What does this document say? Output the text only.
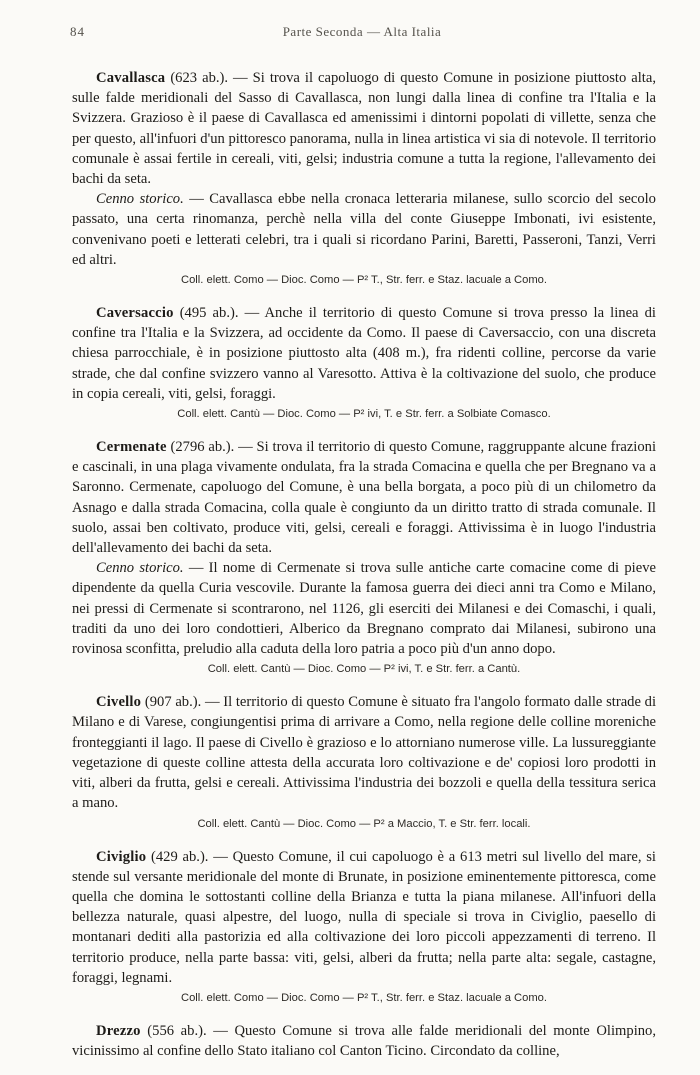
84	Parte Seconda — Alta Italia

Cavallasca (623 ab.). — Si trova il capoluogo di questo Comune in posizione piuttosto alta, sulle falde meridionali del Sasso di Cavallasca, non lungi dalla linea di confine tra l'Italia e la Svizzera. Grazioso è il paese di Cavallasca ed amenissimi i dintorni popolati di villette, senza che per questo, all'infuori d'un pittoresco panorama, nulla in linea artistica vi sia di notevole. Il territorio comunale è assai fertile in cereali, viti, gelsi; industria comune a tutta la regione, l'allevamento dei bachi da seta.

Cenno storico. — Cavallasca ebbe nella cronaca letteraria milanese, sullo scorcio del secolo passato, una certa rinomanza, perchè nella villa del conte Giuseppe Imbonati, ivi esistente, convenivano poeti e letterati celebri, tra i quali si ricordano Parini, Baretti, Passeroni, Tanzi, Verri ed altri.

Coll. elett. Como — Dioc. Como — P² T., Str. ferr. e Staz. lacuale a Como.

Caversaccio (495 ab.). — Anche il territorio di questo Comune si trova presso la linea di confine tra l'Italia e la Svizzera, ad occidente da Como. Il paese di Caversaccio, con una discreta chiesa parrocchiale, è in posizione piuttosto alta (408 m.), fra ridenti colline, percorse da varie strade, che dal confine svizzero vanno al Varesotto. Attiva è la coltivazione del suolo, che produce in copia cereali, viti, gelsi, foraggi.

Coll. elett. Cantù — Dioc. Como — P² ivi, T. e Str. ferr. a Solbiate Comasco.

Cermenate (2796 ab.). — Si trova il territorio di questo Comune, raggruppante alcune frazioni e cascinali, in una plaga vivamente ondulata, fra la strada Comacina e quella che per Bregnano va a Saronno. Cermenate, capoluogo del Comune, è una bella borgata, a poco più di un chilometro da Asnago e dalla strada Comacina, colla quale è congiunto da un diritto tratto di strada comunale. Il suolo, assai ben coltivato, produce viti, gelsi, cereali e foraggi. Attivissima è in luogo l'industria dell'allevamento dei bachi da seta.

Cenno storico. — Il nome di Cermenate si trova sulle antiche carte comacine come di pieve dipendente da quella Curia vescovile. Durante la famosa guerra dei dieci anni tra Como e Milano, nei pressi di Cermenate si scontrarono, nel 1126, gli eserciti dei Milanesi e dei Comaschi, i quali, traditi da uno dei loro condottieri, Alberico da Bregnano comprato dai Milanesi, subirono una rovinosa sconfitta, preludio alla caduta della loro patria a poco più d'un anno dopo.

Coll. elett. Cantù — Dioc. Como — P² ivi, T. e Str. ferr. a Cantù.

Civello (907 ab.). — Il territorio di questo Comune è situato fra l'angolo formato dalle strade di Milano e di Varese, congiungentisi prima di arrivare a Como, nella regione delle colline moreniche fronteggianti il lago. Il paese di Civello è grazioso e lo attorniano numerose ville. La lussureggiante vegetazione di queste colline attesta della accurata loro coltivazione e de' copiosi loro prodotti in viti, alberi da frutta, gelsi e cereali. Attivissima l'industria dei bozzoli e quella della tessitura serica a mano.

Coll. elett. Cantù — Dioc. Como — P² a Maccio, T. e Str. ferr. locali.

Civiglio (429 ab.). — Questo Comune, il cui capoluogo è a 613 metri sul livello del mare, si stende sul versante meridionale del monte di Brunate, in posizione eminentemente pittoresca, come quella che domina le sottostanti colline della Brianza e tutta la piana milanese. All'infuori della bellezza naturale, quasi alpestre, del luogo, nulla di speciale si trova in Civiglio, paesello di montanari dediti alla pastorizia ed alla coltivazione dei loro piccoli appezzamenti di terreno. Il territorio produce, nella parte bassa: viti, gelsi, alberi da frutta; nella parte alta: segale, castagne, foraggi, legnami.

Coll. elett. Como — Dioc. Como — P² T., Str. ferr. e Staz. lacuale a Como.

Drezzo (556 ab.). — Questo Comune si trova alle falde meridionali del monte Olimpino, vicinissimo al confine dello Stato italiano col Canton Ticino. Circondato da colline,
